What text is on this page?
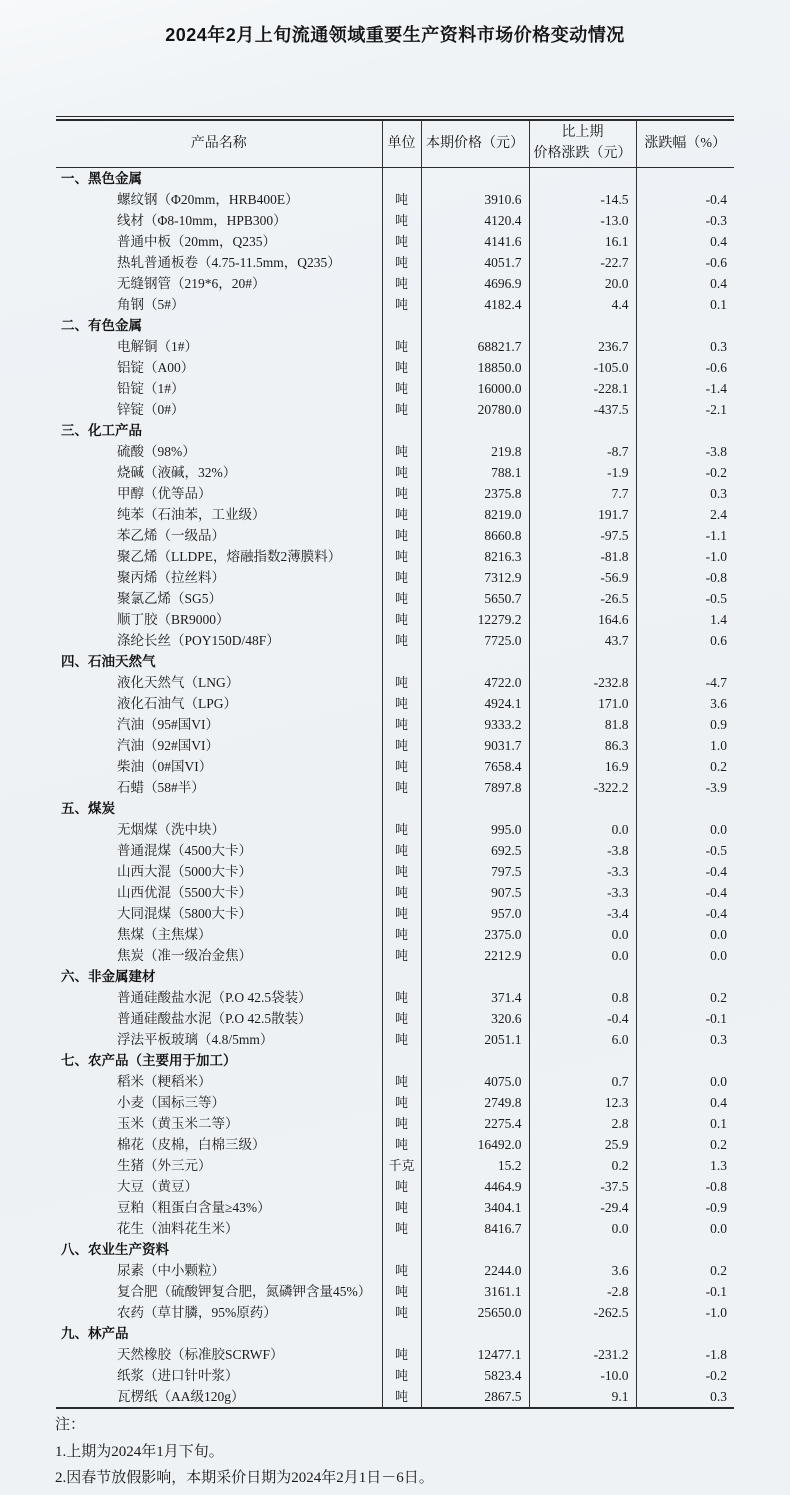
2024年2月上旬流通领域重要生产资料市场价格变动情况
产品名称	单位	本期价格（元）	比上期
价格涨跌（元）	涨跌幅（%）
一、黑色金属				
螺纹钢（Φ20mm，HRB400E）	吨	3910.6	-14.5	-0.4
线材（Φ8-10mm，HPB300）	吨	4120.4	-13.0	-0.3
普通中板（20mm，Q235）	吨	4141.6	16.1	0.4
热轧普通板卷（4.75-11.5mm，Q235）	吨	4051.7	-22.7	-0.6
无缝钢管（219*6，20#）	吨	4696.9	20.0	0.4
角钢（5#）	吨	4182.4	4.4	0.1
二、有色金属				
电解铜（1#）	吨	68821.7	236.7	0.3
铝锭（A00）	吨	18850.0	-105.0	-0.6
铅锭（1#）	吨	16000.0	-228.1	-1.4
锌锭（0#）	吨	20780.0	-437.5	-2.1
三、化工产品				
硫酸（98%）	吨	219.8	-8.7	-3.8
烧碱（液碱，32%）	吨	788.1	-1.9	-0.2
甲醇（优等品）	吨	2375.8	7.7	0.3
纯苯（石油苯，工业级）	吨	8219.0	191.7	2.4
苯乙烯（一级品）	吨	8660.8	-97.5	-1.1
聚乙烯（LLDPE，熔融指数2薄膜料）	吨	8216.3	-81.8	-1.0
聚丙烯（拉丝料）	吨	7312.9	-56.9	-0.8
聚氯乙烯（SG5）	吨	5650.7	-26.5	-0.5
顺丁胶（BR9000）	吨	12279.2	164.6	1.4
涤纶长丝（POY150D/48F）	吨	7725.0	43.7	0.6
四、石油天然气				
液化天然气（LNG）	吨	4722.0	-232.8	-4.7
液化石油气（LPG）	吨	4924.1	171.0	3.6
汽油（95#国VI）	吨	9333.2	81.8	0.9
汽油（92#国VI）	吨	9031.7	86.3	1.0
柴油（0#国VI）	吨	7658.4	16.9	0.2
石蜡（58#半）	吨	7897.8	-322.2	-3.9
五、煤炭				
无烟煤（洗中块）	吨	995.0	0.0	0.0
普通混煤（4500大卡）	吨	692.5	-3.8	-0.5
山西大混（5000大卡）	吨	797.5	-3.3	-0.4
山西优混（5500大卡）	吨	907.5	-3.3	-0.4
大同混煤（5800大卡）	吨	957.0	-3.4	-0.4
焦煤（主焦煤）	吨	2375.0	0.0	0.0
焦炭（准一级冶金焦）	吨	2212.9	0.0	0.0
六、非金属建材				
普通硅酸盐水泥（P.O 42.5袋装）	吨	371.4	0.8	0.2
普通硅酸盐水泥（P.O 42.5散装）	吨	320.6	-0.4	-0.1
浮法平板玻璃（4.8/5mm）	吨	2051.1	6.0	0.3
七、农产品（主要用于加工）				
稻米（粳稻米）	吨	4075.0	0.7	0.0
小麦（国标三等）	吨	2749.8	12.3	0.4
玉米（黄玉米二等）	吨	2275.4	2.8	0.1
棉花（皮棉，白棉三级）	吨	16492.0	25.9	0.2
生猪（外三元）	千克	15.2	0.2	1.3
大豆（黄豆）	吨	4464.9	-37.5	-0.8
豆粕（粗蛋白含量≥43%）	吨	3404.1	-29.4	-0.9
花生（油料花生米）	吨	8416.7	0.0	0.0
八、农业生产资料				
尿素（中小颗粒）	吨	2244.0	3.6	0.2
复合肥（硫酸钾复合肥，氮磷钾含量45%）	吨	3161.1	-2.8	-0.1
农药（草甘膦，95%原药）	吨	25650.0	-262.5	-1.0
九、林产品				
天然橡胶（标准胶SCRWF）	吨	12477.1	-231.2	-1.8
纸浆（进口针叶浆）	吨	5823.4	-10.0	-0.2
瓦楞纸（AA级120g）	吨	2867.5	9.1	0.3
注：
1.上期为2024年1月下旬。
2.因春节放假影响，本期采价日期为2024年2月1日－6日。
